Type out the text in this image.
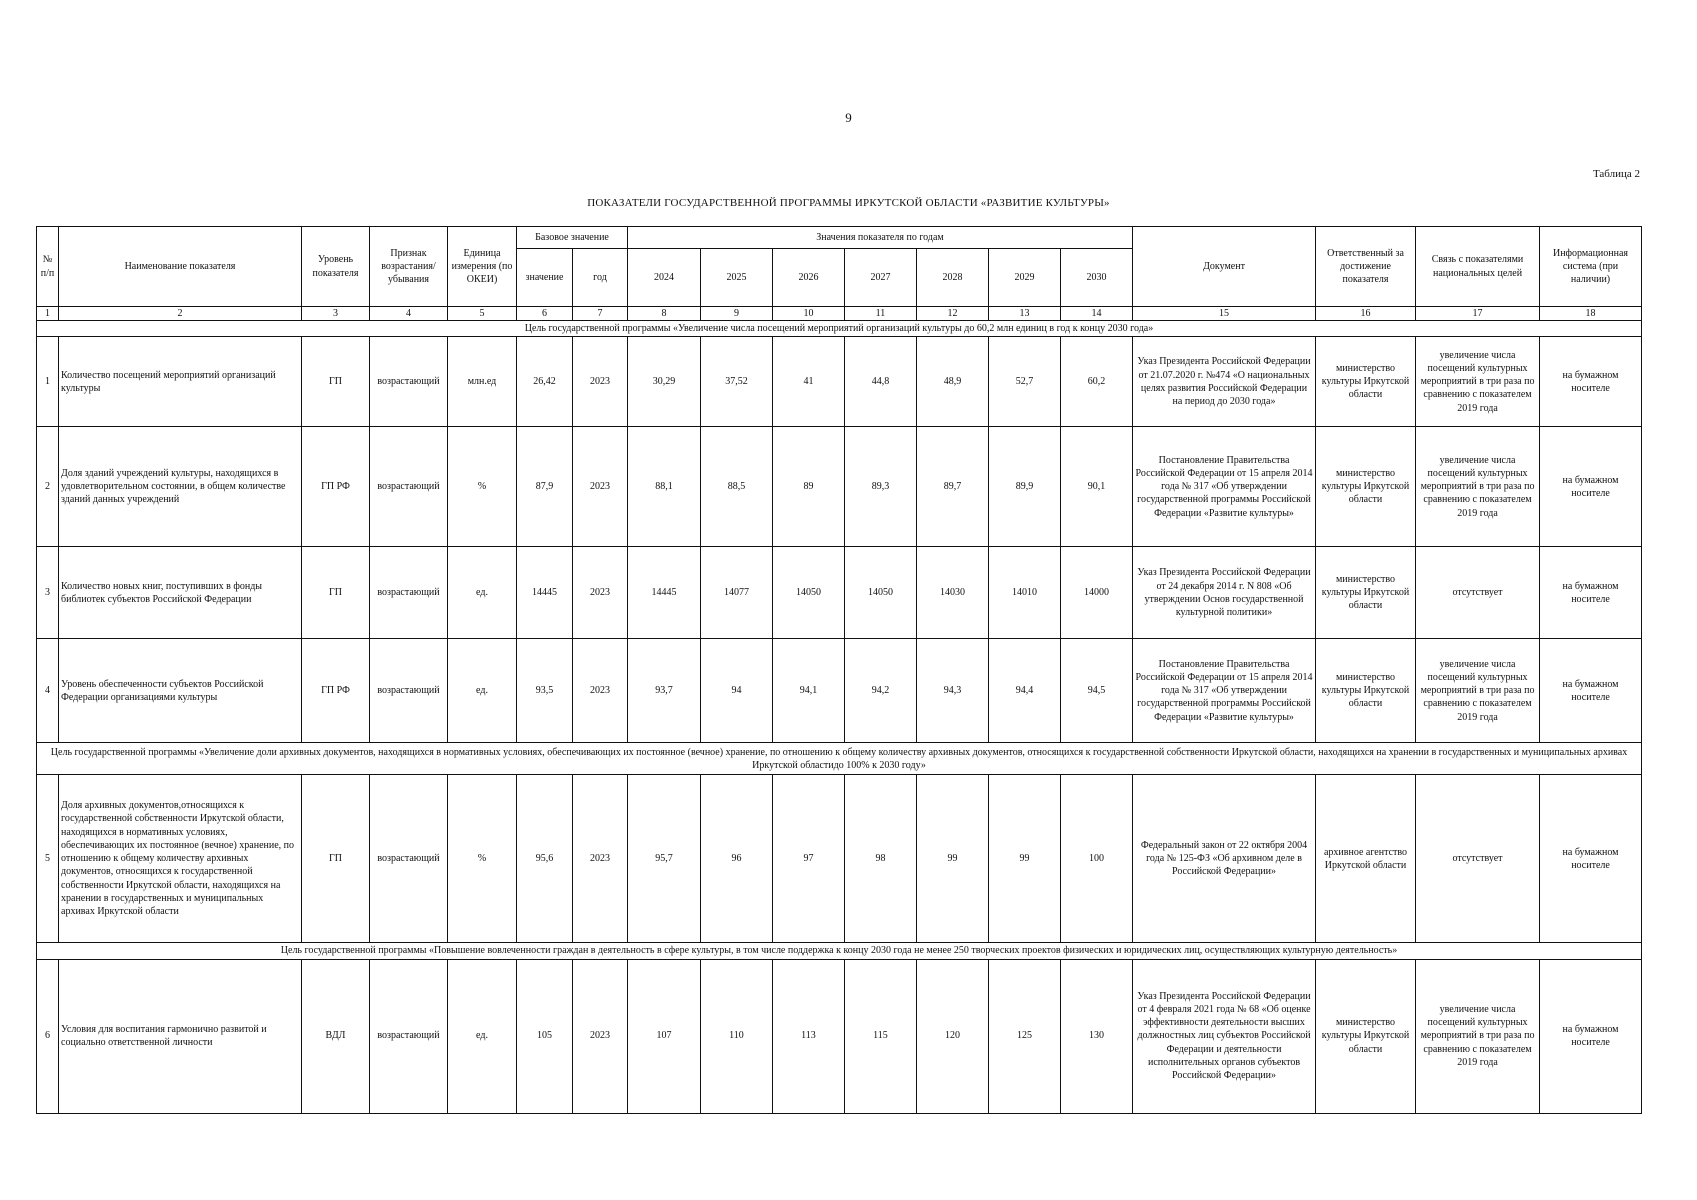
9
Таблица 2
ПОКАЗАТЕЛИ ГОСУДАРСТВЕННОЙ ПРОГРАММЫ ИРКУТСКОЙ ОБЛАСТИ «РАЗВИТИЕ КУЛЬТУРЫ»
№ п/п	Наименование показателя	Уровень показателя	Признак возрастания/ убывания	Единица измерения (по ОКЕИ)	Базовое значение		Значения показателя по годам							Документ	Ответственный за достижение показателя	Связь с показателями национальных целей	Информационная система (при наличии)
					значение	год	2024	2025	2026	2027	2028	2029	2030				
1	2	3	4	5	6	7	8	9	10	11	12	13	14	15	16	17	18
Цель государственной программы «Увеличение числа посещений мероприятий организаций культуры до 60,2 млн единиц в год к концу 2030 года»																	
1	Количество посещений мероприятий организаций культуры	ГП	возрастающий	млн.ед	26,42	2023	30,29	37,52	41	44,8	48,9	52,7	60,2	Указ Президента Российской Федерации от 21.07.2020 г. №474 «О национальных целях развития Российской Федерации на период до 2030 года»	министерство культуры Иркутской области	увеличение числа посещений культурных мероприятий в три раза по сравнению с показателем 2019 года	на бумажном носителе
2	Доля зданий учреждений культуры, находящихся в удовлетворительном состоянии, в общем количестве зданий данных учреждений	ГП РФ	возрастающий	%	87,9	2023	88,1	88,5	89	89,3	89,7	89,9	90,1	Постановление Правительства Российской Федерации от 15 апреля 2014 года № 317 «Об утверждении государственной программы Российской Федерации «Развитие культуры»	министерство культуры Иркутской области	увеличение числа посещений культурных мероприятий в три раза по сравнению с показателем 2019 года	на бумажном носителе
3	Количество новых книг, поступивших в фонды библиотек субъектов Российской Федерации	ГП	возрастающий	ед.	14445	2023	14445	14077	14050	14050	14030	14010	14000	Указ Президента Российской Федерации от 24 декабря 2014 г. N 808 «Об утверждении Основ государственной культурной политики»	министерство культуры Иркутской области	отсутствует	на бумажном носителе
4	Уровень обеспеченности субъектов Российской Федерации организациями культуры	ГП РФ	возрастающий	ед.	93,5	2023	93,7	94	94,1	94,2	94,3	94,4	94,5	Постановление Правительства Российской Федерации от 15 апреля 2014 года № 317 «Об утверждении государственной программы Российской Федерации «Развитие культуры»	министерство культуры Иркутской области	увеличение числа посещений культурных мероприятий в три раза по сравнению с показателем 2019 года	на бумажном носителе
Цель государственной программы «Увеличение доли архивных документов, находящихся в нормативных условиях, обеспечивающих их постоянное (вечное) хранение, по отношению к общему количеству архивных документов, относящихся к государственной собственности Иркутской области, находящихся на хранении в государственных и муниципальных архивах Иркутской областидо 100% к 2030 году»																	
5	Доля архивных документов,относящихся к государственной собственности Иркутской области, находящихся в нормативных условиях, обеспечивающих их постоянное (вечное) хранение, по отношению к общему количеству архивных документов, относящихся к государственной собственности Иркутской области, находящихся на хранении в государственных и муниципальных архивах Иркутской области	ГП	возрастающий	%	95,6	2023	95,7	96	97	98	99	99	100	Федеральный закон от 22 октября 2004 года № 125-ФЗ «Об архивном деле в Российской Федерации»	архивное агентство Иркутской области	отсутствует	на бумажном носителе
Цель государственной программы «Повышение вовлеченности граждан в деятельность в сфере культуры, в том числе поддержка к концу 2030 года не менее 250 творческих проектов физических и юридических лиц, осуществляющих культурную деятельность»																	
6	Условия для воспитания гармонично развитой и социально ответственной личности	ВДЛ	возрастающий	ед.	105	2023	107	110	113	115	120	125	130	Указ Президента Российской Федерации от 4 февраля 2021 года № 68 «Об оценке эффективности деятельности высших должностных лиц субъектов Российской Федерации и деятельности исполнительных органов субъектов Российской Федерации»	министерство культуры Иркутской области	увеличение числа посещений культурных мероприятий в три раза по сравнению с показателем 2019 года	на бумажном носителе
